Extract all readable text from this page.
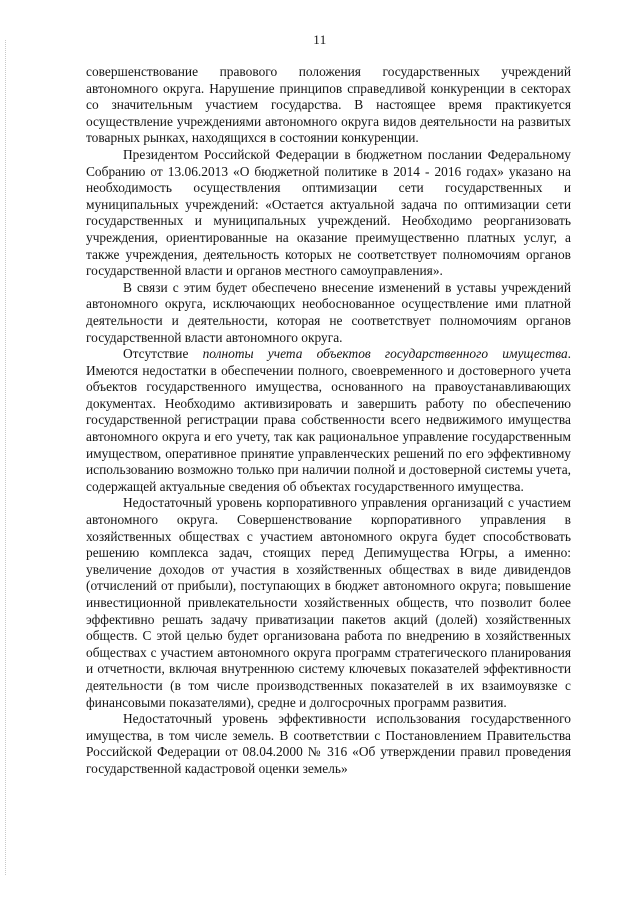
11

совершенствование правового положения государственных учреждений автономного округа. Нарушение принципов справедливой конкуренции в секторах со значительным участием государства. В настоящее время практикуется осуществление учреждениями автономного округа видов деятельности на развитых товарных рынках, находящихся в состоянии конкуренции.

Президентом Российской Федерации в бюджетном послании Федеральному Собранию от 13.06.2013 «О бюджетной политике в 2014 - 2016 годах» указано на необходимость осуществления оптимизации сети государственных и муниципальных учреждений: «Остается актуальной задача по оптимизации сети государственных и муниципальных учреждений. Необходимо реорганизовать учреждения, ориентированные на оказание преимущественно платных услуг, а также учреждения, деятельность которых не соответствует полномочиям органов государственной власти и органов местного самоуправления».

В связи с этим будет обеспечено внесение изменений в уставы учреждений автономного округа, исключающих необоснованное осуществление ими платной деятельности и деятельности, которая не соответствует полномочиям органов государственной власти автономного округа.

Отсутствие полноты учета объектов государственного имущества. Имеются недостатки в обеспечении полного, своевременного и достоверного учета объектов государственного имущества, основанного на правоустанавливающих документах. Необходимо активизировать и завершить работу по обеспечению государственной регистрации права собственности всего недвижимого имущества автономного округа и его учету, так как рациональное управление государственным имуществом, оперативное принятие управленческих решений по его эффективному использованию возможно только при наличии полной и достоверной системы учета, содержащей актуальные сведения об объектах государственного имущества.

Недостаточный уровень корпоративного управления организаций с участием автономного округа. Совершенствование корпоративного управления в хозяйственных обществах с участием автономного округа будет способствовать решению комплекса задач, стоящих перед Депимущества Югры, а именно: увеличение доходов от участия в хозяйственных обществах в виде дивидендов (отчислений от прибыли), поступающих в бюджет автономного округа; повышение инвестиционной привлекательности хозяйственных обществ, что позволит более эффективно решать задачу приватизации пакетов акций (долей) хозяйственных обществ. С этой целью будет организована работа по внедрению в хозяйственных обществах с участием автономного округа программ стратегического планирования и отчетности, включая внутреннюю систему ключевых показателей эффективности деятельности (в том числе производственных показателей в их взаимоувязке с финансовыми показателями), средне и долгосрочных программ развития.

Недостаточный уровень эффективности использования государственного имущества, в том числе земель. В соответствии с Постановлением Правительства Российской Федерации от 08.04.2000 № 316 «Об утверждении правил проведения государственной кадастровой оценки земель»
